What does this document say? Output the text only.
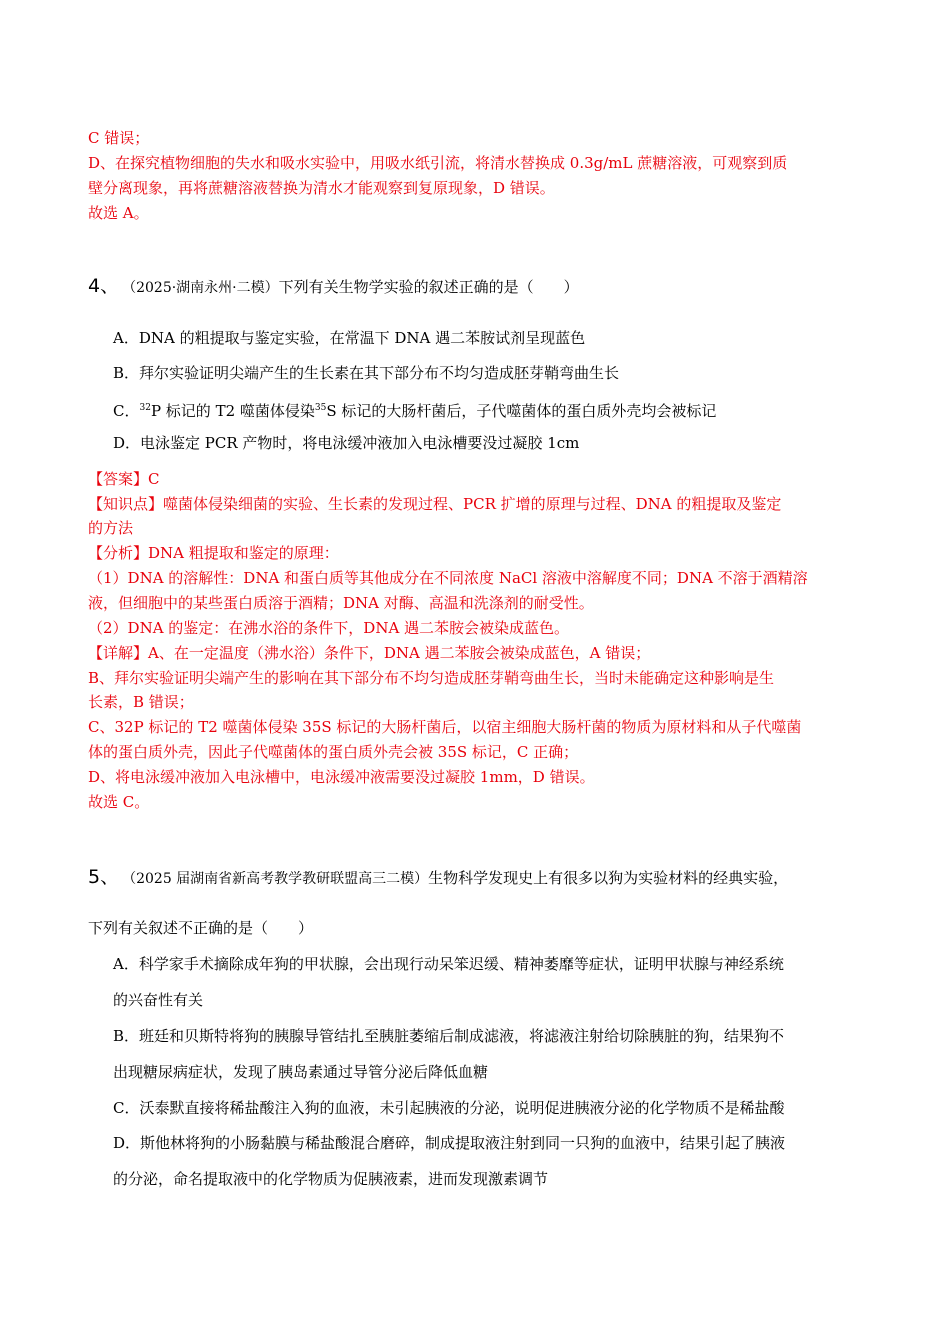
C 错误；
D、在探究植物细胞的失水和吸水实验中，用吸水纸引流，将清水替换成 0.3g/mL 蔗糖溶液，可观察到质
壁分离现象，再将蔗糖溶液替换为清水才能观察到复原现象，D 错误。
故选 A。
4、 （2025·湖南永州·二模）下列有关生物学实验的叙述正确的是（　　）
A．DNA 的粗提取与鉴定实验，在常温下 DNA 遇二苯胺试剂呈现蓝色
B．拜尔实验证明尖端产生的生长素在其下部分布不均匀造成胚芽鞘弯曲生长
C．$^{32}$P 标记的 T2 噬菌体侵染$^{35}$S 标记的大肠杆菌后，子代噬菌体的蛋白质外壳均会被标记
D．电泳鉴定 PCR 产物时，将电泳缓冲液加入电泳槽要没过凝胶 1cm
【答案】C
【知识点】噬菌体侵染细菌的实验、生长素的发现过程、PCR 扩增的原理与过程、DNA 的粗提取及鉴定
的方法
【分析】DNA 粗提取和鉴定的原理：
（1）DNA 的溶解性：DNA 和蛋白质等其他成分在不同浓度 NaCl 溶液中溶解度不同；DNA 不溶于酒精溶
液，但细胞中的某些蛋白质溶于酒精；DNA 对酶、高温和洗涤剂的耐受性。
（2）DNA 的鉴定：在沸水浴的条件下，DNA 遇二苯胺会被染成蓝色。
【详解】A、在一定温度（沸水浴）条件下，DNA 遇二苯胺会被染成蓝色，A 错误；
B、拜尔实验证明尖端产生的影响在其下部分布不均匀造成胚芽鞘弯曲生长，当时未能确定这种影响是生
长素，B 错误；
C、32P 标记的 T2 噬菌体侵染 35S 标记的大肠杆菌后，以宿主细胞大肠杆菌的物质为原材料和从子代噬菌
体的蛋白质外壳，因此子代噬菌体的蛋白质外壳会被 35S 标记，C 正确；
D、将电泳缓冲液加入电泳槽中，电泳缓冲液需要没过凝胶 1mm，D 错误。
故选 C。
5、 （2025 届湖南省新高考教学教研联盟高三二模）生物科学发现史上有很多以狗为实验材料的经典实验，
下列有关叙述不正确的是（　　）
A．科学家手术摘除成年狗的甲状腺，会出现行动呆笨迟缓、精神萎靡等症状，证明甲状腺与神经系统
的兴奋性有关
B．班廷和贝斯特将狗的胰腺导管结扎至胰脏萎缩后制成滤液，将滤液注射给切除胰脏的狗，结果狗不
出现糖尿病症状，发现了胰岛素通过导管分泌后降低血糖
C．沃泰默直接将稀盐酸注入狗的血液，未引起胰液的分泌，说明促进胰液分泌的化学物质不是稀盐酸
D．斯他林将狗的小肠黏膜与稀盐酸混合磨碎，制成提取液注射到同一只狗的血液中，结果引起了胰液
的分泌，命名提取液中的化学物质为促胰液素，进而发现激素调节
